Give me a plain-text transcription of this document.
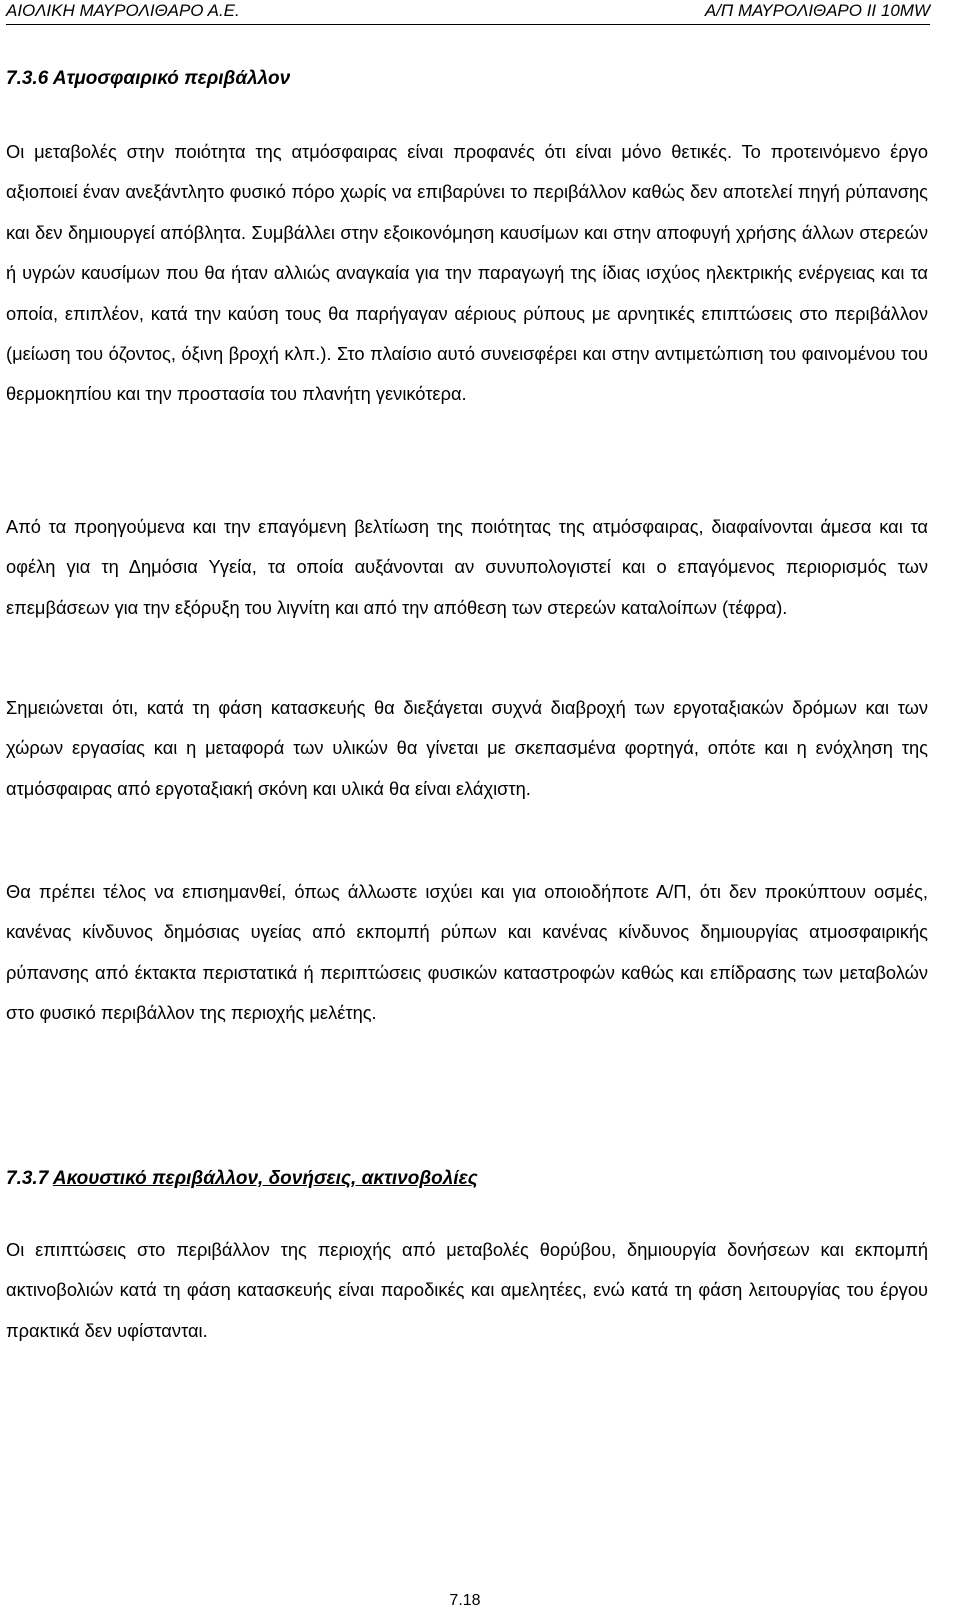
ΑΙΟΛΙΚΗ ΜΑΥΡΟΛΙΘΑΡΟ Α.Ε.	Α/Π ΜΑΥΡΟΛΙΘΑΡΟ ΙΙ 10MW
7.3.6 Ατμοσφαιρικό περιβάλλον

Οι μεταβολές στην ποιότητα της ατμόσφαιρας είναι προφανές ότι είναι μόνο θετικές. Το προτεινόμενο έργο αξιοποιεί έναν ανεξάντλητο φυσικό πόρο χωρίς να επιβαρύνει το περιβάλλον καθώς δεν αποτελεί πηγή ρύπανσης και δεν δημιουργεί απόβλητα. Συμβάλλει στην εξοικονόμηση καυσίμων και στην αποφυγή χρήσης άλλων στερεών ή υγρών καυσίμων που θα ήταν αλλιώς αναγκαία για την παραγωγή της ίδιας ισχύος ηλεκτρικής ενέργειας και τα οποία, επιπλέον, κατά την καύση τους θα παρήγαγαν αέριους ρύπους με αρνητικές επιπτώσεις στο περιβάλλον (μείωση του όζοντος, όξινη βροχή κλπ.). Στο πλαίσιο αυτό συνεισφέρει και στην αντιμετώπιση του φαινομένου του θερμοκηπίου και την προστασία του πλανήτη γενικότερα.

Από τα προηγούμενα και την επαγόμενη βελτίωση της ποιότητας της ατμόσφαιρας, διαφαίνονται άμεσα και τα οφέλη για τη Δημόσια Υγεία, τα οποία αυξάνονται αν συνυπολογιστεί και ο επαγόμενος περιορισμός των επεμβάσεων για την εξόρυξη του λιγνίτη και από την απόθεση των στερεών καταλοίπων (τέφρα).

Σημειώνεται ότι, κατά τη φάση κατασκευής θα διεξάγεται συχνά διαβροχή των εργοταξιακών δρόμων και των χώρων εργασίας και η μεταφορά των υλικών θα γίνεται με σκεπασμένα φορτηγά, οπότε και η ενόχληση της ατμόσφαιρας από εργοταξιακή σκόνη και υλικά θα είναι ελάχιστη.

Θα πρέπει τέλος να επισημανθεί, όπως άλλωστε ισχύει και για οποιοδήποτε Α/Π, ότι δεν προκύπτουν οσμές, κανένας κίνδυνος δημόσιας υγείας από εκπομπή ρύπων και κανένας κίνδυνος δημιουργίας ατμοσφαιρικής ρύπανσης από έκτακτα περιστατικά ή περιπτώσεις φυσικών καταστροφών καθώς και επίδρασης των μεταβολών στο φυσικό περιβάλλον της περιοχής μελέτης.

7.3.7 Ακουστικό περιβάλλον, δονήσεις, ακτινοβολίες

Οι επιπτώσεις στο περιβάλλον της περιοχής από μεταβολές θορύβου, δημιουργία δονήσεων και εκπομπή ακτινοβολιών κατά τη φάση κατασκευής είναι παροδικές και αμελητέες, ενώ κατά τη φάση λειτουργίας του έργου πρακτικά δεν υφίστανται.

7.18
